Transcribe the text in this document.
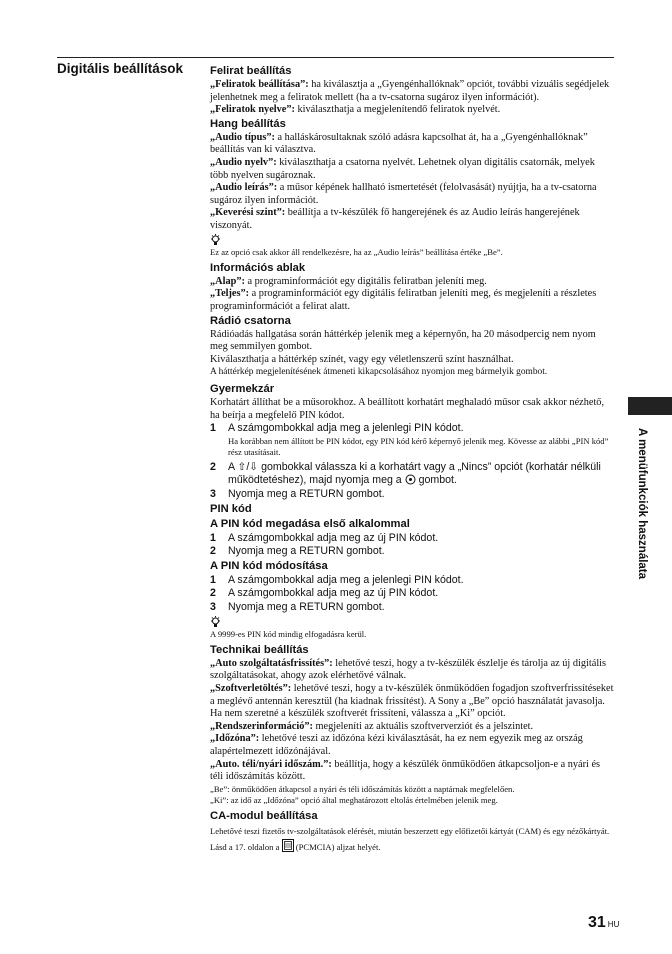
Digitális beállítások
A menüfunkciók használata

Felirat beállítás

„Feliratok beállítása”: ha kiválasztja a „Gyengénhallóknak” opciót, további vizuális segédjelek jelenhetnek meg a feliratok mellett (ha a tv-csatorna sugároz ilyen információt).

„Feliratok nyelve”: kiválaszthatja a megjelenítendő feliratok nyelvét.

Hang beállítás

„Audio típus”: a halláskárosultaknak szóló adásra kapcsolhat át, ha a „Gyengénhallóknak” beállítás van ki választva.

„Audio nyelv”: kiválaszthatja a csatorna nyelvét. Lehetnek olyan digitális csatornák, melyek több nyelven sugároznak.

„Audio leírás”: a műsor képének hallható ismertetését (felolvasását) nyújtja, ha a tv-csatorna sugároz ilyen információt.

„Keverési szint”: beállítja a tv-készülék fő hangerejének és az Audio leírás hangerejének viszonyát.

Ez az opció csak akkor áll rendelkezésre, ha az „Audio leírás” beállítása értéke „Be”.

Információs ablak

„Alap”: a programinformációt egy digitális feliratban jeleníti meg.

„Teljes”: a programinformációt egy digitális feliratban jeleníti meg, és megjeleníti a részletes programinformációt a felirat alatt.

Rádió csatorna

Rádióadás hallgatása során háttérkép jelenik meg a képernyőn, ha 20 másodpercig nem nyom meg semmilyen gombot.

Kiválaszthatja a háttérkép színét, vagy egy véletlenszerű színt használhat.

A háttérkép megjelenítésének átmeneti kikapcsolásához nyomjon meg bármelyik gombot.

Gyermekzár

Korhatárt állíthat be a műsorokhoz. A beállított korhatárt meghaladó műsor csak akkor nézhető, ha beírja a megfelelő PIN kódot.

1	A számgombokkal adja meg a jelenlegi PIN kódot.
Ha korábban nem állított be PIN kódot, egy PIN kód kérő képernyő jelenik meg. Kövesse az alábbi „PIN kód” rész utasításait.
2	A ⇧/⇩ gombokkal válassza ki a korhatárt vagy a „Nincs” opciót (korhatár nélküli működtetéshez), majd nyomja meg a  gombot.
3	Nyomja meg a RETURN gombot.

PIN kód

A PIN kód megadása első alkalommal

1	A számgombokkal adja meg az új PIN kódot.
2	Nyomja meg a RETURN gombot.

A PIN kód módosítása

1	A számgombokkal adja meg a jelenlegi PIN kódot.
2	A számgombokkal adja meg az új PIN kódot.
3	Nyomja meg a RETURN gombot.

A 9999-es PIN kód mindig elfogadásra kerül.

Technikai beállítás

„Auto szolgáltatásfrissítés”: lehetővé teszi, hogy a tv-készülék észlelje és tárolja az új digitális szolgáltatásokat, ahogy azok elérhetővé válnak.

„Szoftverletöltés”: lehetővé teszi, hogy a tv-készülék önműködően fogadjon szoftverfrissítéseket a meglévő antennán keresztül (ha kiadnak frissítést). A Sony a „Be” opció használatát javasolja. Ha nem szeretné a készülék szoftverét frissíteni, válassza a „Ki” opciót.

„Rendszerinformáció”: megjeleníti az aktuális szoftververziót és a jelszintet.

„Időzóna”: lehetővé teszi az időzóna kézi kiválasztását, ha ez nem egyezik meg az ország alapértelmezett időzónájával.

„Auto. téli/nyári időszám.”: beállítja, hogy a készülék önműködően átkapcsoljon-e a nyári és téli időszámítás között.

„Be”: önműködően átkapcsol a nyári és téli időszámítás között a naptárnak megfelelően.

„Ki”: az idő az „Időzóna” opció által meghatározott eltolás értelmében jelenik meg.

CA-modul beállítása

Lehetővé teszi fizetős tv-szolgáltatások elérését, miután beszerzett egy előfizetői kártyát (CAM) és egy nézőkártyát. Lásd a 17. oldalon a  (PCMCIA) aljzat helyét.

31 HU
